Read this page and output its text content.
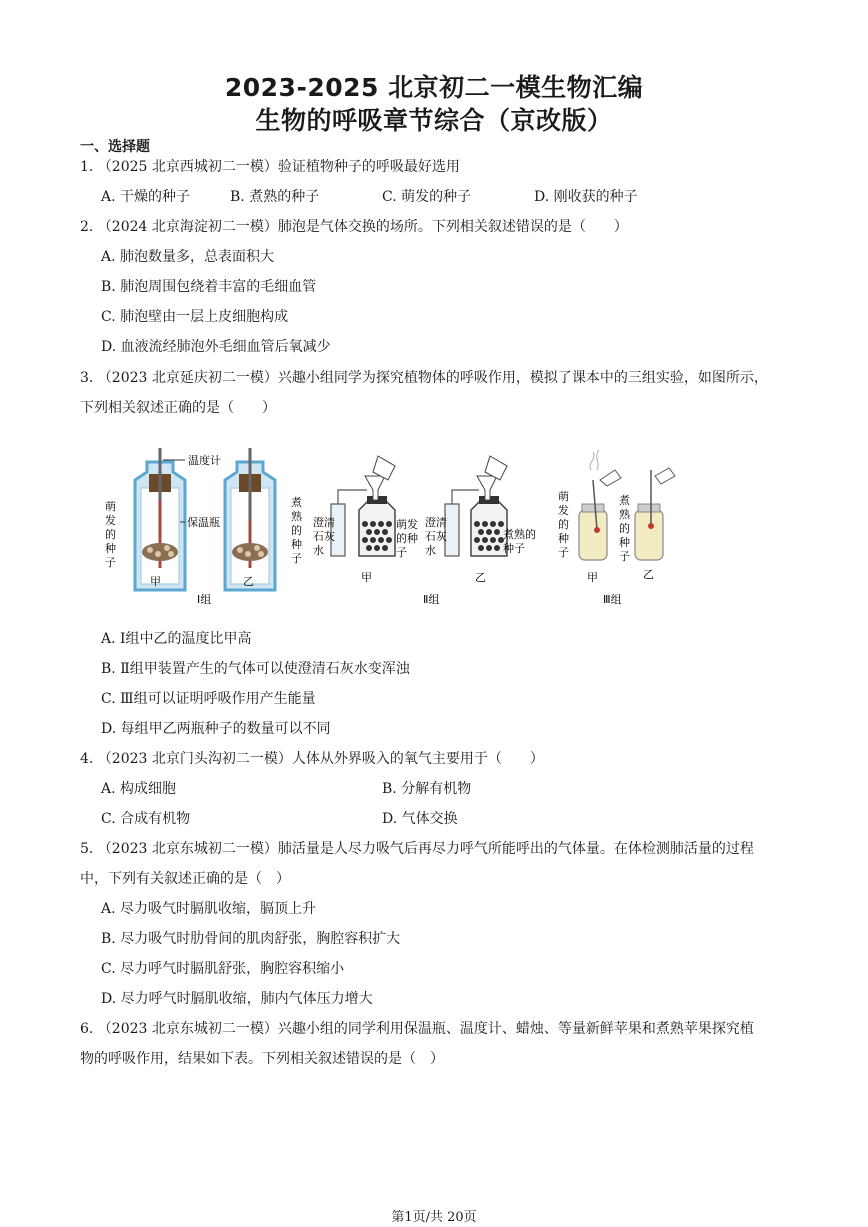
2023-2025 北京初二一模生物汇编
生物的呼吸章节综合（京改版）
一、选择题
1. （2025 北京西城初二一模）验证植物种子的呼吸最好选用
A. 干燥的种子	B. 煮熟的种子	C. 萌发的种子	D. 刚收获的种子
2. （2024 北京海淀初二一模）肺泡是气体交换的场所。下列相关叙述错误的是（　　）
A. 肺泡数量多，总表面积大
B. 肺泡周围包绕着丰富的毛细血管
C. 肺泡壁由一层上皮细胞构成
D. 血液流经肺泡外毛细血管后氧减少
3. （2023 北京延庆初二一模）兴趣小组同学为探究植物体的呼吸作用，模拟了课本中的三组实验，如图所示，
下列相关叙述正确的是（　　）
温度计
保温瓶
萌
发
的
种
子
煮
熟
的
种
子
甲	乙
Ⅰ组
澄清
石灰
水
萌发
的种
子
澄清
石灰
水
煮熟的
种子
甲	乙
Ⅱ组
萌
发
的
种
子
煮
熟
的
种
子
甲	乙
Ⅲ组
A. Ⅰ组中乙的温度比甲高
B. Ⅱ组甲装置产生的气体可以使澄清石灰水变浑浊
C. Ⅲ组可以证明呼吸作用产生能量
D. 每组甲乙两瓶种子的数量可以不同
4. （2023 北京门头沟初二一模）人体从外界吸入的氧气主要用于（　　）
A. 构成细胞	B. 分解有机物
C. 合成有机物	D. 气体交换
5. （2023 北京东城初二一模）肺活量是人尽力吸气后再尽力呼气所能呼出的气体量。在体检测肺活量的过程
中，下列有关叙述正确的是（　）
A. 尽力吸气时膈肌收缩，膈顶上升
B. 尽力吸气时肋骨间的肌肉舒张，胸腔容积扩大
C. 尽力呼气时膈肌舒张，胸腔容积缩小
D. 尽力呼气时膈肌收缩，肺内气体压力增大
6. （2023 北京东城初二一模）兴趣小组的同学利用保温瓶、温度计、蜡烛、等量新鲜苹果和煮熟苹果探究植
物的呼吸作用，结果如下表。下列相关叙述错误的是（　）
第1页/共 20页
